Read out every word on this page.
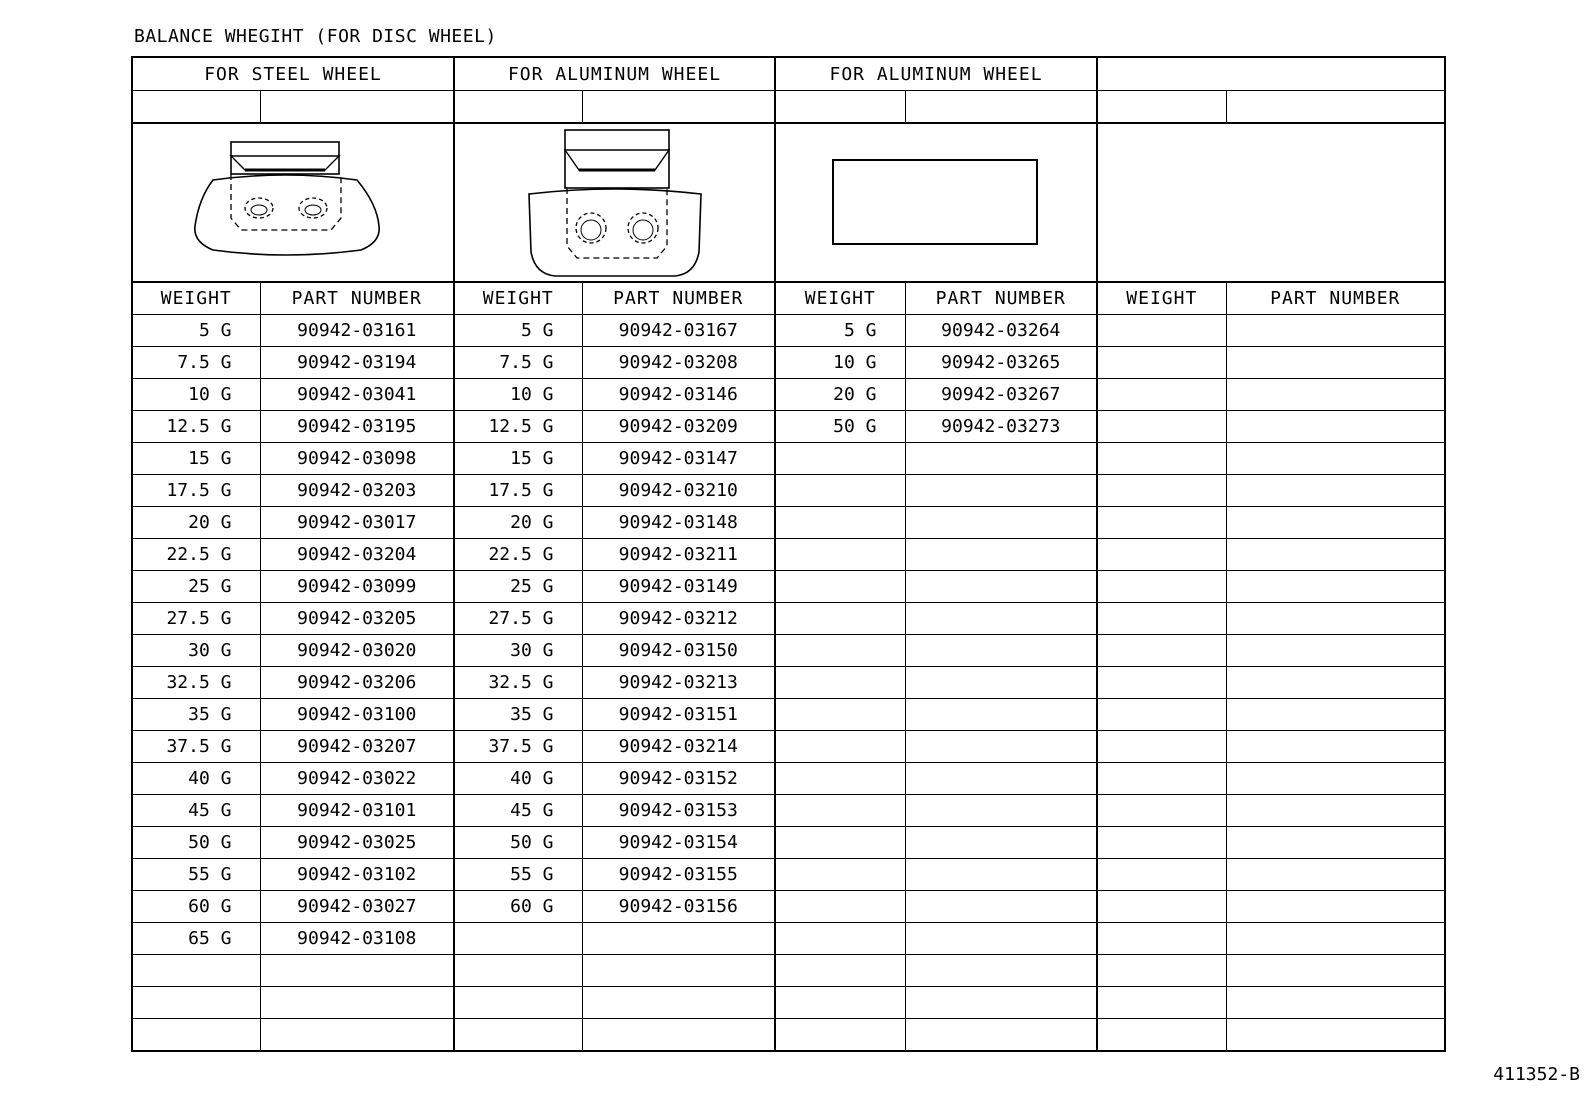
BALANCE WHEGIHT (FOR DISC WHEEL)
FOR STEEL WHEEL		FOR ALUMINUM WHEEL		FOR ALUMINUM WHEEL			

WEIGHT	PART NUMBER	WEIGHT	PART NUMBER	WEIGHT	PART NUMBER	WEIGHT	PART NUMBER
5 G	90942-03161	5 G	90942-03167	5 G	90942-03264		
7.5 G	90942-03194	7.5 G	90942-03208	10 G	90942-03265		
10 G	90942-03041	10 G	90942-03146	20 G	90942-03267		
12.5 G	90942-03195	12.5 G	90942-03209	50 G	90942-03273		
15 G	90942-03098	15 G	90942-03147				
17.5 G	90942-03203	17.5 G	90942-03210				
20 G	90942-03017	20 G	90942-03148				
22.5 G	90942-03204	22.5 G	90942-03211				
25 G	90942-03099	25 G	90942-03149				
27.5 G	90942-03205	27.5 G	90942-03212				
30 G	90942-03020	30 G	90942-03150				
32.5 G	90942-03206	32.5 G	90942-03213				
35 G	90942-03100	35 G	90942-03151				
37.5 G	90942-03207	37.5 G	90942-03214				
40 G	90942-03022	40 G	90942-03152				
45 G	90942-03101	45 G	90942-03153				
50 G	90942-03025	50 G	90942-03154				
55 G	90942-03102	55 G	90942-03155				
60 G	90942-03027	60 G	90942-03156				
65 G	90942-03108						

411352-B
